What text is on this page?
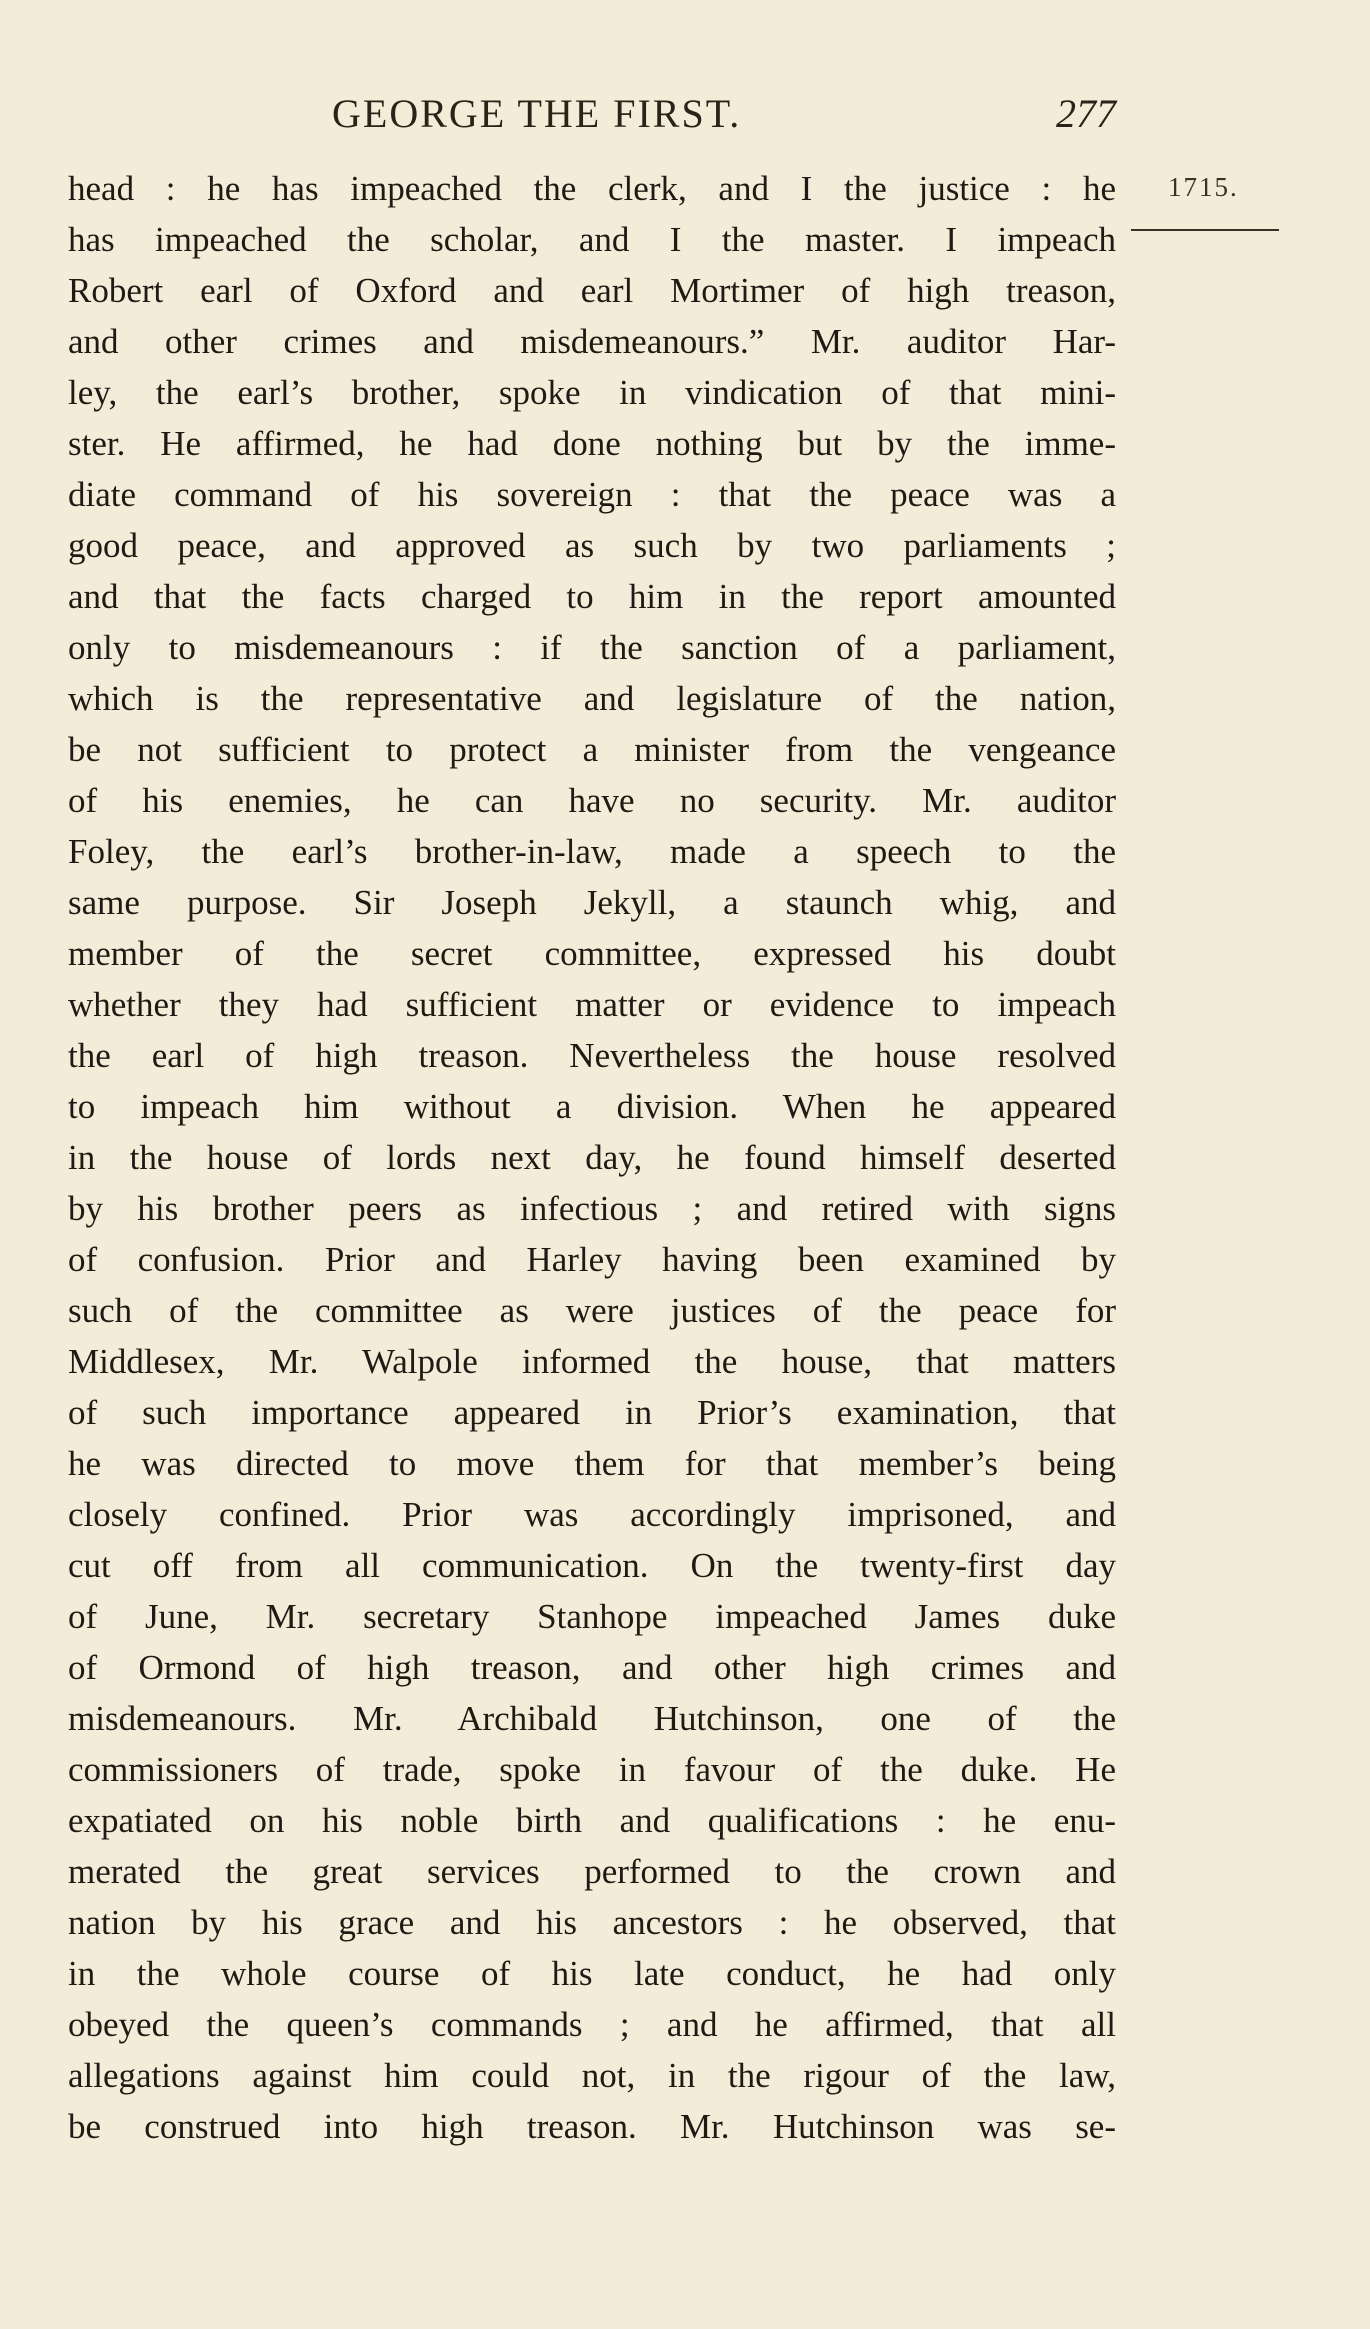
GEORGE THE FIRST.	277
1715.
head : he has impeached the clerk, and I the justice : he
has impeached the scholar, and I the master. I impeach
Robert earl of Oxford and earl Mortimer of high treason,
and other crimes and misdemeanours.” Mr. auditor Har-
ley, the earl’s brother, spoke in vindication of that mini-
ster. He affirmed, he had done nothing but by the imme-
diate command of his sovereign : that the peace was a
good peace, and approved as such by two parliaments ;
and that the facts charged to him in the report amounted
only to misdemeanours : if the sanction of a parliament,
which is the representative and legislature of the nation,
be not sufficient to protect a minister from the vengeance
of his enemies, he can have no security. Mr. auditor
Foley, the earl’s brother-in-law, made a speech to the
same purpose. Sir Joseph Jekyll, a staunch whig, and
member of the secret committee, expressed his doubt
whether they had sufficient matter or evidence to impeach
the earl of high treason. Nevertheless the house resolved
to impeach him without a division. When he appeared
in the house of lords next day, he found himself deserted
by his brother peers as infectious ; and retired with signs
of confusion. Prior and Harley having been examined by
such of the committee as were justices of the peace for
Middlesex, Mr. Walpole informed the house, that matters
of such importance appeared in Prior’s examination, that
he was directed to move them for that member’s being
closely confined. Prior was accordingly imprisoned, and
cut off from all communication. On the twenty-first day
of June, Mr. secretary Stanhope impeached James duke
of Ormond of high treason, and other high crimes and
misdemeanours. Mr. Archibald Hutchinson, one of the
commissioners of trade, spoke in favour of the duke. He
expatiated on his noble birth and qualifications : he enu-
merated the great services performed to the crown and
nation by his grace and his ancestors : he observed, that
in the whole course of his late conduct, he had only
obeyed the queen’s commands ; and he affirmed, that all
allegations against him could not, in the rigour of the law,
be construed into high treason. Mr. Hutchinson was se-
